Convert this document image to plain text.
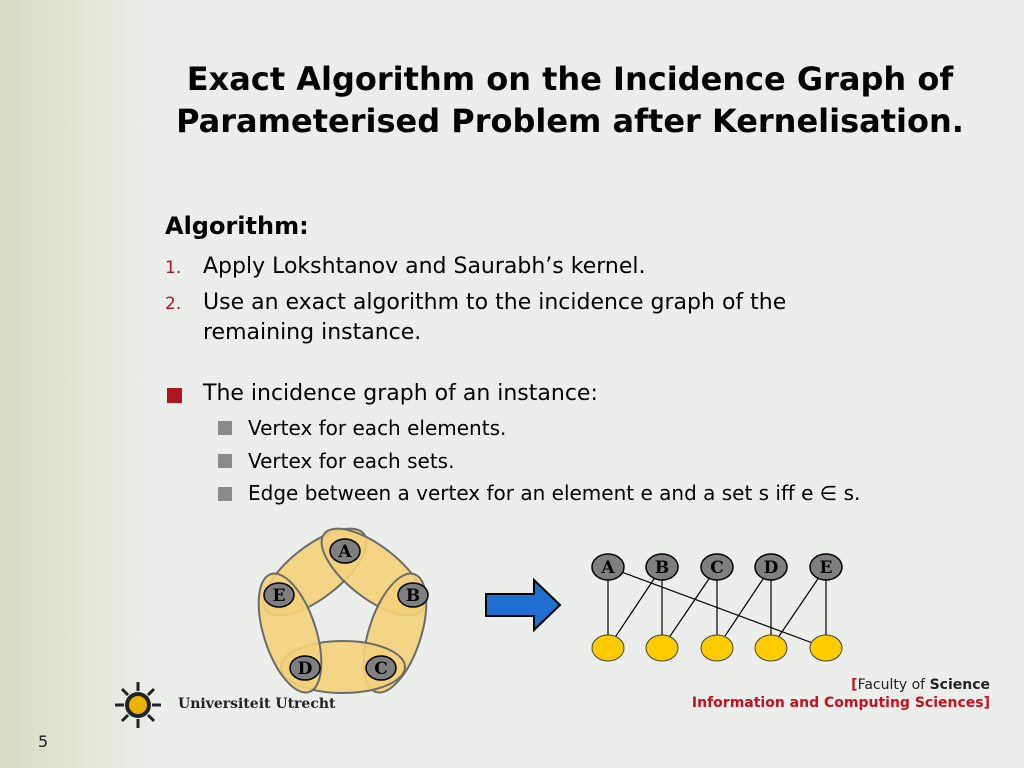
Exact Algorithm on the Incidence Graph of
Parameterised Problem after Kernelisation.
Algorithm:
1. Apply Lokshtanov and Saurabh’s kernel.
2. Use an exact algorithm to the incidence graph of the
remaining instance.
The incidence graph of an instance:
Vertex for each elements.
Vertex for each sets.
Edge between a vertex for an element e and a set s iff e ∈ s.
A
B
C
D
E
A B C D E
Universiteit Utrecht
[Faculty of Science
Information and Computing Sciences]
5
